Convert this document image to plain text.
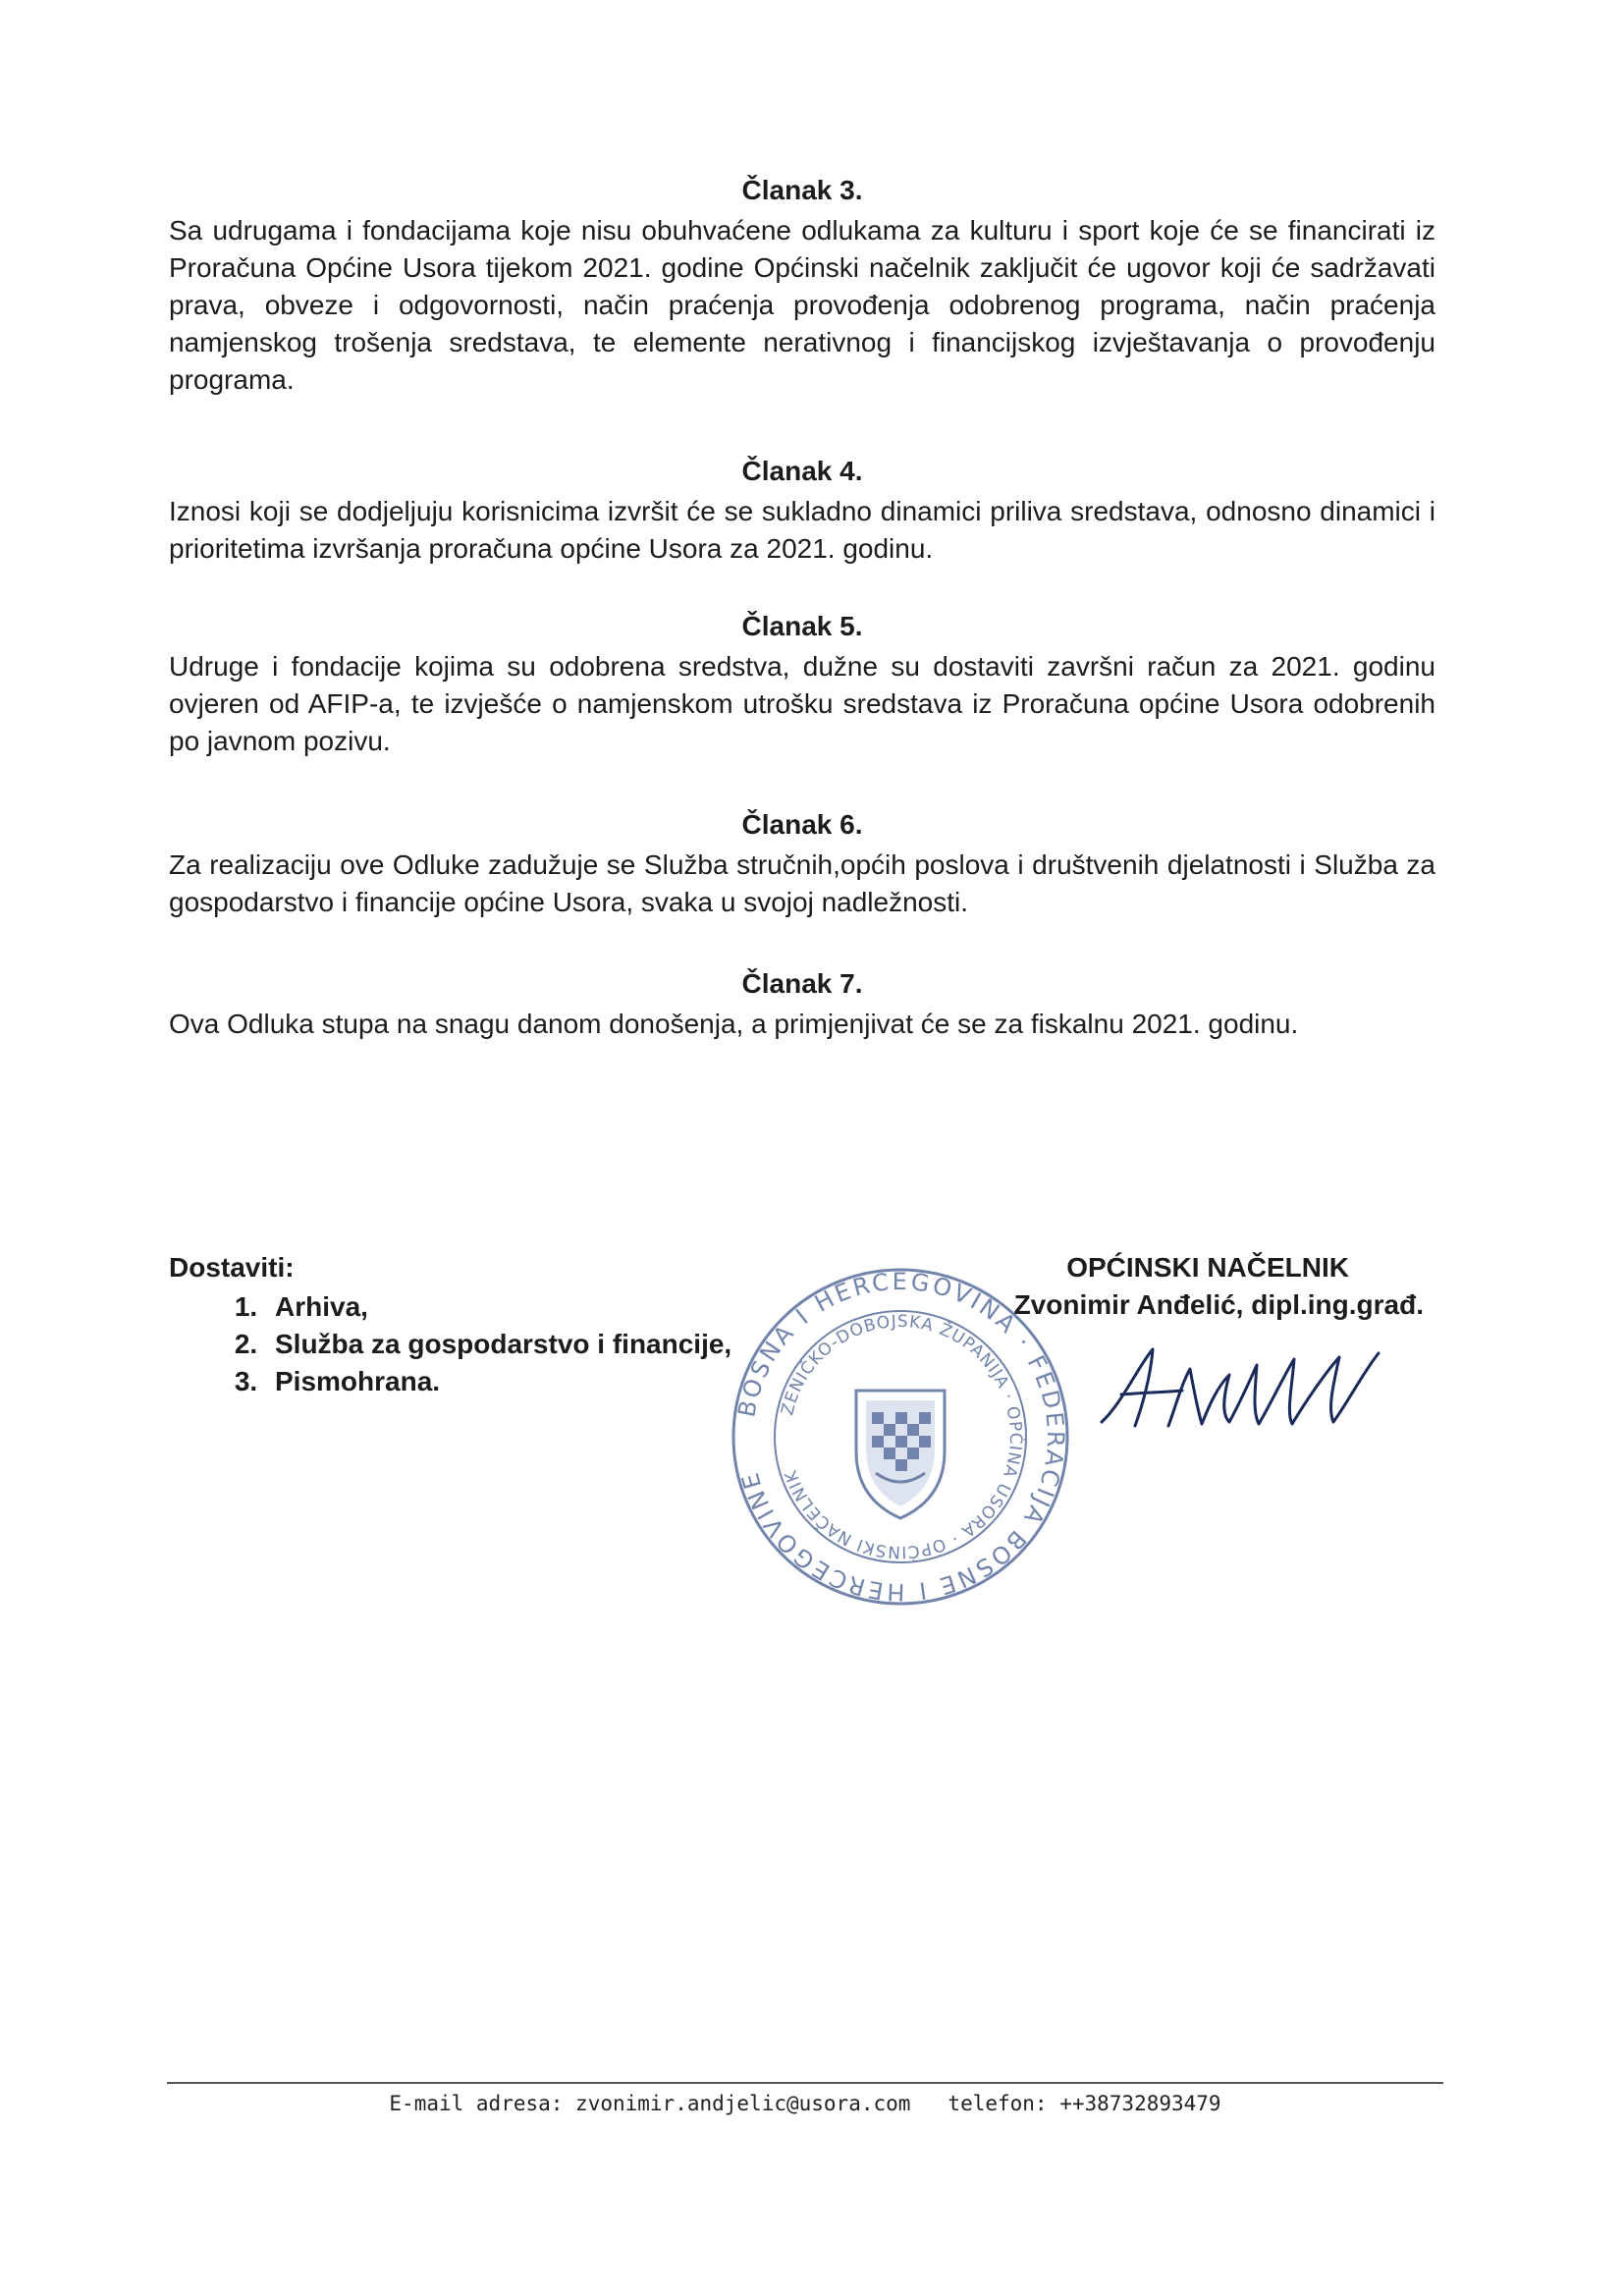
Članak 3.

Sa udrugama i fondacijama koje nisu obuhvaćene odlukama za kulturu i sport koje će se financirati iz Proračuna Općine Usora tijekom 2021. godine Općinski načelnik zaključit će ugovor koji će sadržavati prava, obveze i odgovornosti, način praćenja provođenja odobrenog programa, način praćenja namjenskog trošenja sredstava, te elemente nerativnog i financijskog izvještavanja o provođenju programa.

Članak 4.

Iznosi koji se dodjeljuju korisnicima izvršit će se sukladno dinamici priliva sredstava, odnosno dinamici i prioritetima izvršanja proračuna općine Usora za 2021. godinu.

Članak 5.

Udruge i fondacije kojima su odobrena sredstva, dužne su dostaviti završni račun za 2021. godinu ovjeren od AFIP-a, te izvješće o namjenskom utrošku sredstava iz Proračuna općine Usora odobrenih po javnom pozivu.

Članak 6.

Za realizaciju ove Odluke zadužuje se Služba stručnih,općih poslova i društvenih djelatnosti i Služba za gospodarstvo i financije općine Usora, svaka u svojoj nadležnosti.

Članak 7.

Ova Odluka stupa na snagu danom donošenja, a primjenjivat će se za fiskalnu 2021. godinu.

Dostaviti:
1. Arhiva,
2. Služba za gospodarstvo i financije,
3. Pismohrana.
BOSNA I HERCEGOVINA · FEDERACIJA BOSNE I HERCEGOVINE
ZENIČKO-DOBOJSKA ŽUPANIJA · OPĆINA USORA · OPĆINSKI NAČELNIK
OPĆINSKI NAČELNIK
Zvonimir Anđelić, dipl.ing.građ.
E-mail adresa: zvonimir.andjelic@usora.com telefon: ++38732893479
